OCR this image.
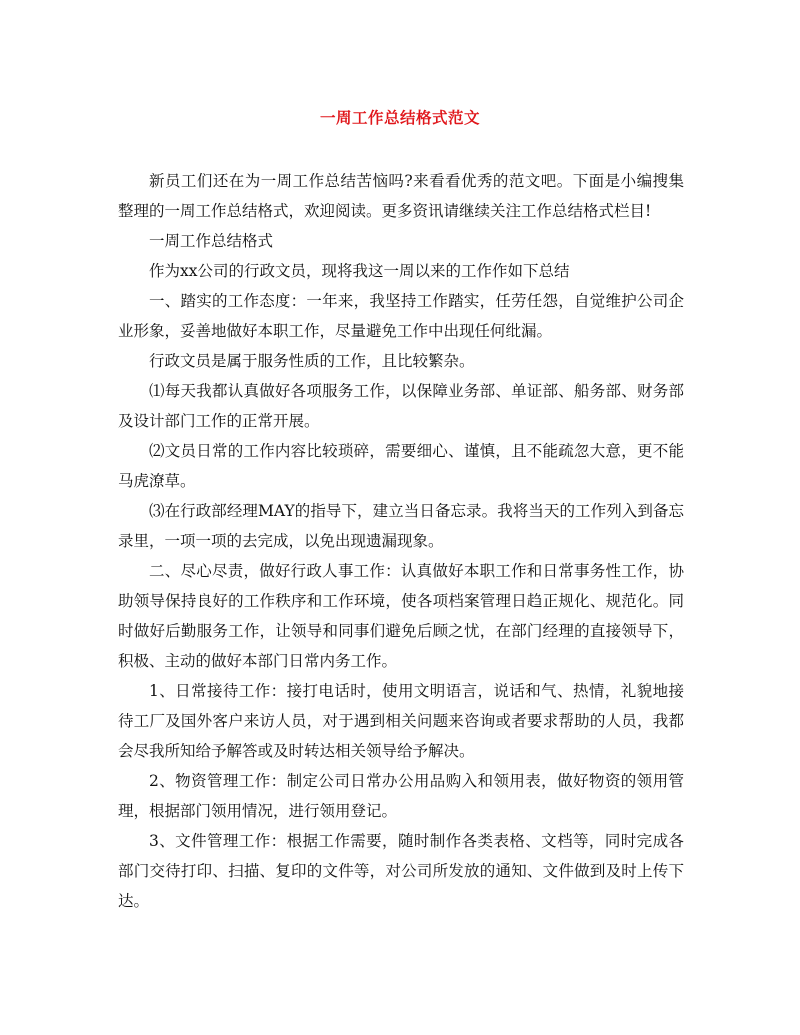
一周工作总结格式范文

新员工们还在为一周工作总结苦恼吗?来看看优秀的范文吧。下面是小编搜集整理的一周工作总结格式，欢迎阅读。更多资讯请继续关注工作总结格式栏目!

一周工作总结格式

作为xx公司的行政文员，现将我这一周以来的工作作如下总结

一、踏实的工作态度：一年来，我坚持工作踏实，任劳任怨，自觉维护公司企业形象，妥善地做好本职工作，尽量避免工作中出现任何纰漏。

行政文员是属于服务性质的工作，且比较繁杂。

⑴每天我都认真做好各项服务工作，以保障业务部、单证部、船务部、财务部及设计部门工作的正常开展。

⑵文员日常的工作内容比较琐碎，需要细心、谨慎，且不能疏忽大意，更不能马虎潦草。

⑶在行政部经理MAY的指导下，建立当日备忘录。我将当天的工作列入到备忘录里，一项一项的去完成，以免出现遗漏现象。

二、尽心尽责，做好行政人事工作：认真做好本职工作和日常事务性工作，协助领导保持良好的工作秩序和工作环境，使各项档案管理日趋正规化、规范化。同时做好后勤服务工作，让领导和同事们避免后顾之忧，在部门经理的直接领导下，积极、主动的做好本部门日常内务工作。

1、日常接待工作：接打电话时，使用文明语言，说话和气、热情，礼貌地接待工厂及国外客户来访人员，对于遇到相关问题来咨询或者要求帮助的人员，我都会尽我所知给予解答或及时转达相关领导给予解决。

2、物资管理工作：制定公司日常办公用品购入和领用表，做好物资的领用管理，根据部门领用情况，进行领用登记。

3、文件管理工作：根据工作需要，随时制作各类表格、文档等，同时完成各部门交待打印、扫描、复印的文件等，对公司所发放的通知、文件做到及时上传下达。
